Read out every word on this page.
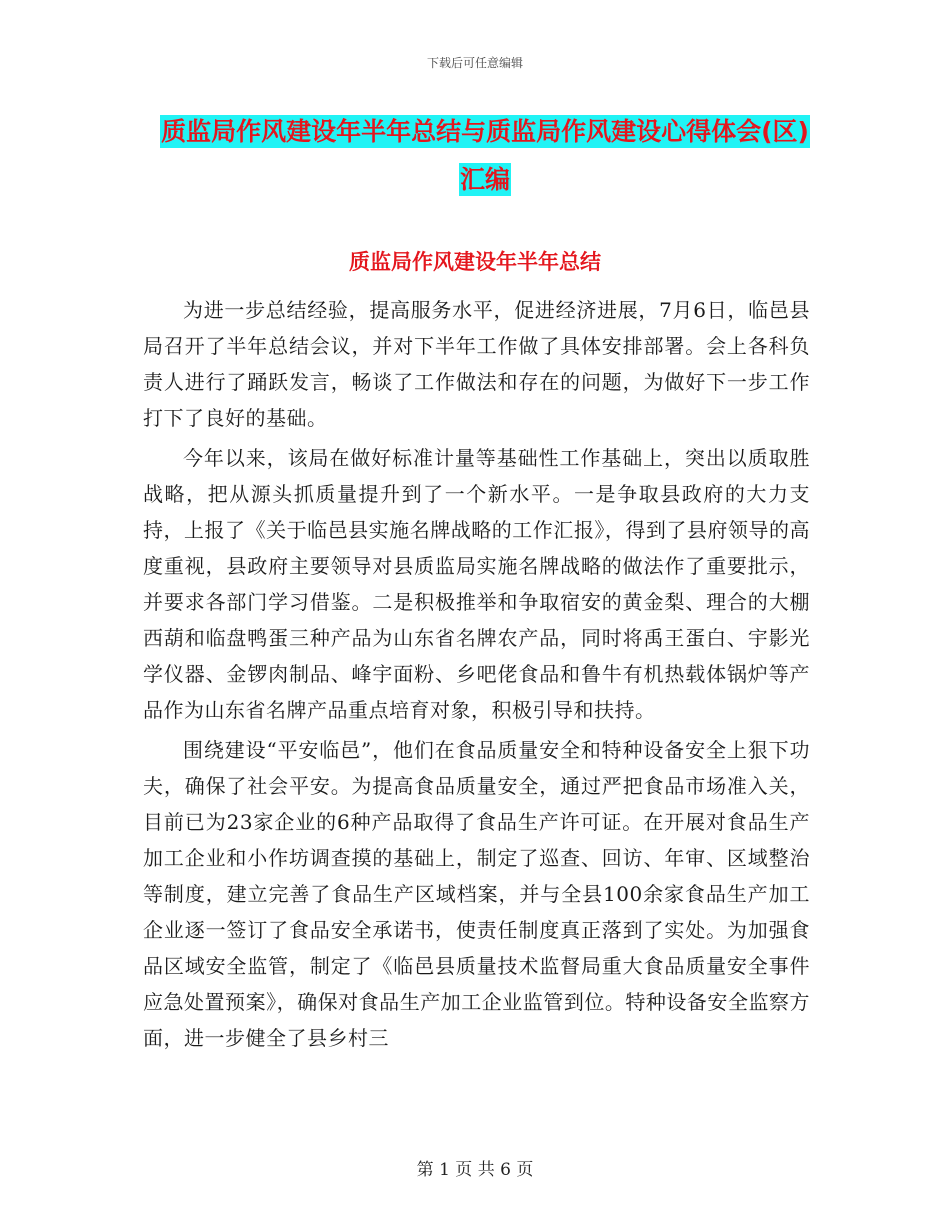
下载后可任意编辑
质监局作风建设年半年总结与质监局作风建设心得体会(区)汇编
质监局作风建设年半年总结

为进一步总结经验，提高服务水平，促进经济进展，7月6日，临邑县局召开了半年总结会议，并对下半年工作做了具体安排部署。会上各科负责人进行了踊跃发言，畅谈了工作做法和存在的问题，为做好下一步工作打下了良好的基础。

今年以来，该局在做好标准计量等基础性工作基础上，突出以质取胜战略，把从源头抓质量提升到了一个新水平。一是争取县政府的大力支持，上报了《关于临邑县实施名牌战略的工作汇报》，得到了县府领导的高度重视，县政府主要领导对县质监局实施名牌战略的做法作了重要批示，并要求各部门学习借鉴。二是积极推举和争取宿安的黄金梨、理合的大棚西葫和临盘鸭蛋三种产品为山东省名牌农产品，同时将禹王蛋白、宇影光学仪器、金锣肉制品、峰宇面粉、乡吧佬食品和鲁牛有机热载体锅炉等产品作为山东省名牌产品重点培育对象，积极引导和扶持。

围绕建设“平安临邑”，他们在食品质量安全和特种设备安全上狠下功夫，确保了社会平安。为提高食品质量安全，通过严把食品市场准入关，目前已为23家企业的6种产品取得了食品生产许可证。在开展对食品生产加工企业和小作坊调查摸的基础上，制定了巡查、回访、年审、区域整治等制度，建立完善了食品生产区域档案，并与全县100余家食品生产加工企业逐一签订了食品安全承诺书，使责任制度真正落到了实处。为加强食品区域安全监管，制定了《临邑县质量技术监督局重大食品质量安全事件应急处置预案》，确保对食品生产加工企业监管到位。特种设备安全监察方面，进一步健全了县乡村三

第 1 页 共 6 页
